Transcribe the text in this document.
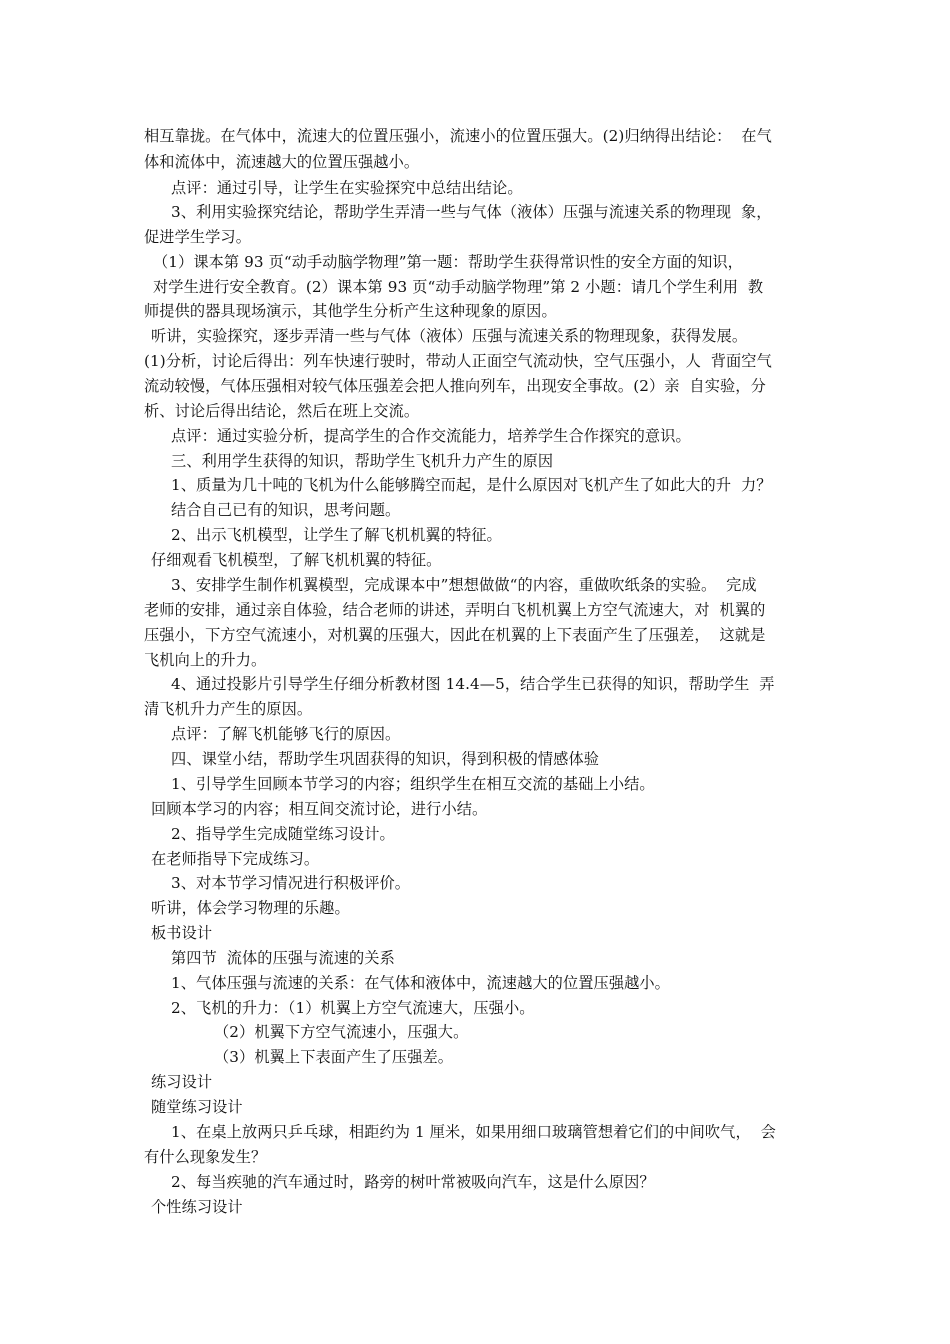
相互靠拢。在气体中，流速大的位置压强小，流速小的位置压强大。(2)归纳得出结论：  在气
体和流体中，流速越大的位置压强越小。
点评：通过引导，让学生在实验探究中总结出结论。
3、利用实验探究结论，帮助学生弄清一些与气体（液体）压强与流速关系的物理现  象，
促进学生学习。
（1）课本第 93 页“动手动脑学物理”第一题：帮助学生获得常识性的安全方面的知识，
对学生进行安全教育。(2）课本第 93 页“动手动脑学物理”第 2 小题：请几个学生利用  教
师提供的器具现场演示，其他学生分析产生这种现象的原因。
听讲，实验探究，逐步弄清一些与气体（液体）压强与流速关系的物理现象，获得发展。
(1)分析，讨论后得出：列车快速行驶时，带动人正面空气流动快，空气压强小，人  背面空气
流动较慢，气体压强相对较气体压强差会把人推向列车，出现安全事故。(2）亲  自实验，分
析、讨论后得出结论，然后在班上交流。
点评：通过实验分析，提高学生的合作交流能力，培养学生合作探究的意识。
三、利用学生获得的知识，帮助学生飞机升力产生的原因
1、质量为几十吨的飞机为什么能够腾空而起，是什么原因对飞机产生了如此大的升  力？
结合自己已有的知识，思考问题。
2、出示飞机模型，让学生了解飞机机翼的特征。
仔细观看飞机模型，了解飞机机翼的特征。
3、安排学生制作机翼模型，完成课本中”想想做做“的内容，重做吹纸条的实验。  完成
老师的安排，通过亲自体验，结合老师的讲述，弄明白飞机机翼上方空气流速大，对  机翼的
压强小，下方空气流速小，对机翼的压强大，因此在机翼的上下表面产生了压强差，  这就是
飞机向上的升力。
4、通过投影片引导学生仔细分析教材图 14.4—5，结合学生已获得的知识，帮助学生  弄
清飞机升力产生的原因。
点评：了解飞机能够飞行的原因。
四、课堂小结，帮助学生巩固获得的知识，得到积极的情感体验
1、引导学生回顾本节学习的内容；组织学生在相互交流的基础上小结。
回顾本学习的内容；相互间交流讨论，进行小结。
2、指导学生完成随堂练习设计。
在老师指导下完成练习。
3、对本节学习情况进行积极评价。
听讲，体会学习物理的乐趣。
板书设计
第四节  流体的压强与流速的关系
1、气体压强与流速的关系：在气体和液体中，流速越大的位置压强越小。
2、飞机的升力：（1）机翼上方空气流速大，压强小。
（2）机翼下方空气流速小，压强大。
（3）机翼上下表面产生了压强差。
练习设计
随堂练习设计
1、在桌上放两只乒乓球，相距约为 1 厘米，如果用细口玻璃管想着它们的中间吹气，  会
有什么现象发生？
2、每当疾驰的汽车通过时，路旁的树叶常被吸向汽车，这是什么原因？
个性练习设计
